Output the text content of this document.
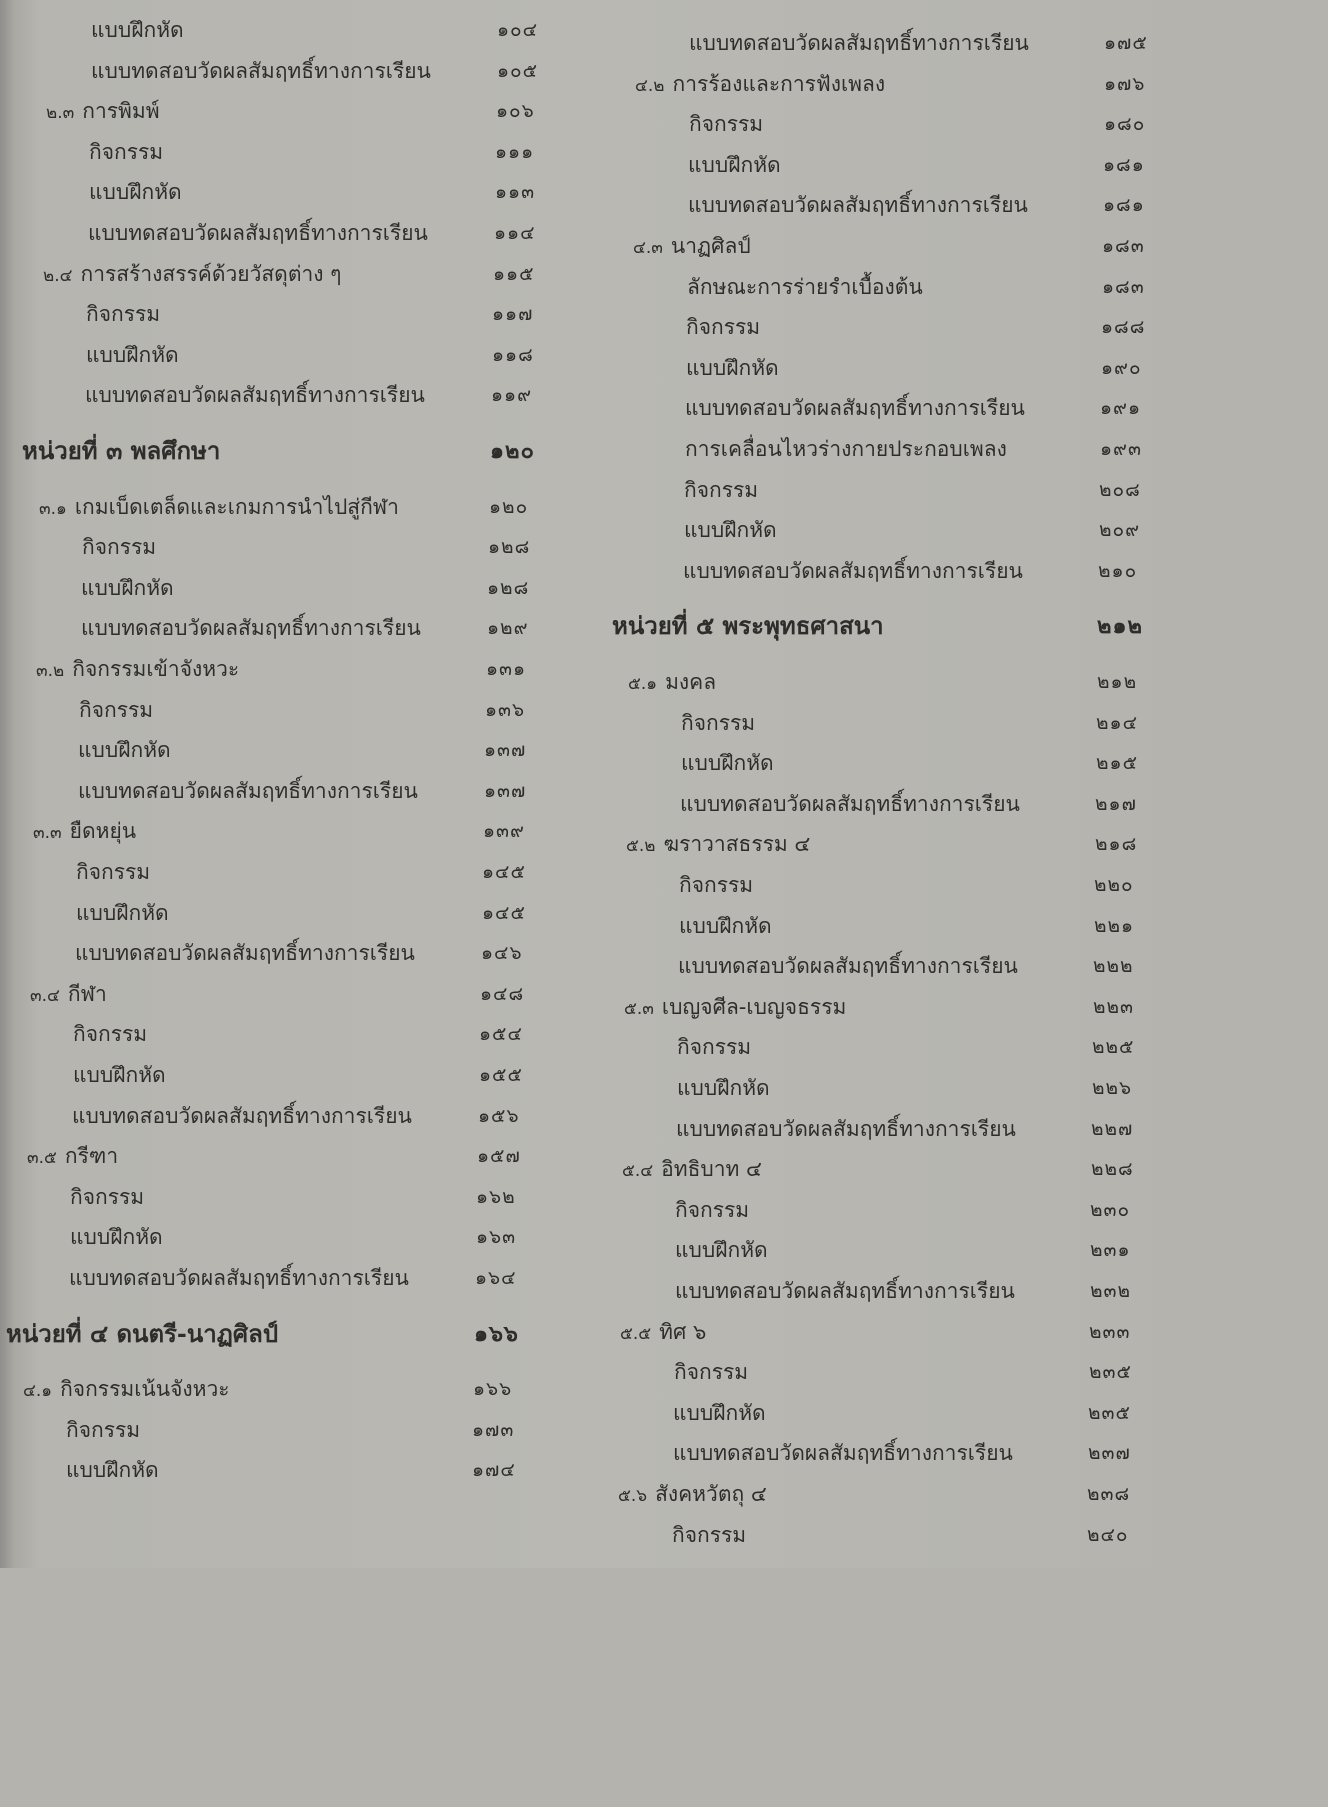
แบบฝึกหัด	๑๐๔
แบบทดสอบวัดผลสัมฤทธิ์ทางการเรียน	๑๐๕
๒.๓ การพิมพ์	๑๐๖
กิจกรรม	๑๑๑
แบบฝึกหัด	๑๑๓
แบบทดสอบวัดผลสัมฤทธิ์ทางการเรียน	๑๑๔
๒.๔ การสร้างสรรค์ด้วยวัสดุต่าง ๆ	๑๑๕
กิจกรรม	๑๑๗
แบบฝึกหัด	๑๑๘
แบบทดสอบวัดผลสัมฤทธิ์ทางการเรียน	๑๑๙
หน่วยที่ ๓ พลศึกษา	๑๒๐
๓.๑ เกมเบ็ดเตล็ดและเกมการนำไปสู่กีฬา	๑๒๐
กิจกรรม	๑๒๘
แบบฝึกหัด	๑๒๘
แบบทดสอบวัดผลสัมฤทธิ์ทางการเรียน	๑๒๙
๓.๒ กิจกรรมเข้าจังหวะ	๑๓๑
กิจกรรม	๑๓๖
แบบฝึกหัด	๑๓๗
แบบทดสอบวัดผลสัมฤทธิ์ทางการเรียน	๑๓๗
๓.๓ ยืดหยุ่น	๑๓๙
กิจกรรม	๑๔๕
แบบฝึกหัด	๑๔๕
แบบทดสอบวัดผลสัมฤทธิ์ทางการเรียน	๑๔๖
๓.๔ กีฬา	๑๔๘
กิจกรรม	๑๕๔
แบบฝึกหัด	๑๕๕
แบบทดสอบวัดผลสัมฤทธิ์ทางการเรียน	๑๕๖
๓.๕ กรีฑา	๑๕๗
กิจกรรม	๑๖๒
แบบฝึกหัด	๑๖๓
แบบทดสอบวัดผลสัมฤทธิ์ทางการเรียน	๑๖๔
หน่วยที่ ๔ ดนตรี-นาฏศิลป์	๑๖๖
๔.๑ กิจกรรมเน้นจังหวะ	๑๖๖
กิจกรรม	๑๗๓
แบบฝึกหัด	๑๗๔
แบบทดสอบวัดผลสัมฤทธิ์ทางการเรียน	๑๗๕
๔.๒ การร้องและการฟังเพลง	๑๗๖
กิจกรรม	๑๘๐
แบบฝึกหัด	๑๘๑
แบบทดสอบวัดผลสัมฤทธิ์ทางการเรียน	๑๘๑
๔.๓ นาฏศิลป์	๑๘๓
ลักษณะการร่ายรำเบื้องต้น	๑๘๓
กิจกรรม	๑๘๘
แบบฝึกหัด	๑๙๐
แบบทดสอบวัดผลสัมฤทธิ์ทางการเรียน	๑๙๑
การเคลื่อนไหวร่างกายประกอบเพลง	๑๙๓
กิจกรรม	๒๐๘
แบบฝึกหัด	๒๐๙
แบบทดสอบวัดผลสัมฤทธิ์ทางการเรียน	๒๑๐
หน่วยที่ ๕ พระพุทธศาสนา	๒๑๒
๕.๑ มงคล	๒๑๒
กิจกรรม	๒๑๔
แบบฝึกหัด	๒๑๕
แบบทดสอบวัดผลสัมฤทธิ์ทางการเรียน	๒๑๗
๕.๒ ฆราวาสธรรม ๔	๒๑๘
กิจกรรม	๒๒๐
แบบฝึกหัด	๒๒๑
แบบทดสอบวัดผลสัมฤทธิ์ทางการเรียน	๒๒๒
๕.๓ เบญจศีล-เบญจธรรม	๒๒๓
กิจกรรม	๒๒๕
แบบฝึกหัด	๒๒๖
แบบทดสอบวัดผลสัมฤทธิ์ทางการเรียน	๒๒๗
๕.๔ อิทธิบาท ๔	๒๒๘
กิจกรรม	๒๓๐
แบบฝึกหัด	๒๓๑
แบบทดสอบวัดผลสัมฤทธิ์ทางการเรียน	๒๓๒
๕.๕ ทิศ ๖	๒๓๓
กิจกรรม	๒๓๕
แบบฝึกหัด	๒๓๕
แบบทดสอบวัดผลสัมฤทธิ์ทางการเรียน	๒๓๗
๕.๖ สังคหวัตถุ ๔	๒๓๘
กิจกรรม	๒๔๐
